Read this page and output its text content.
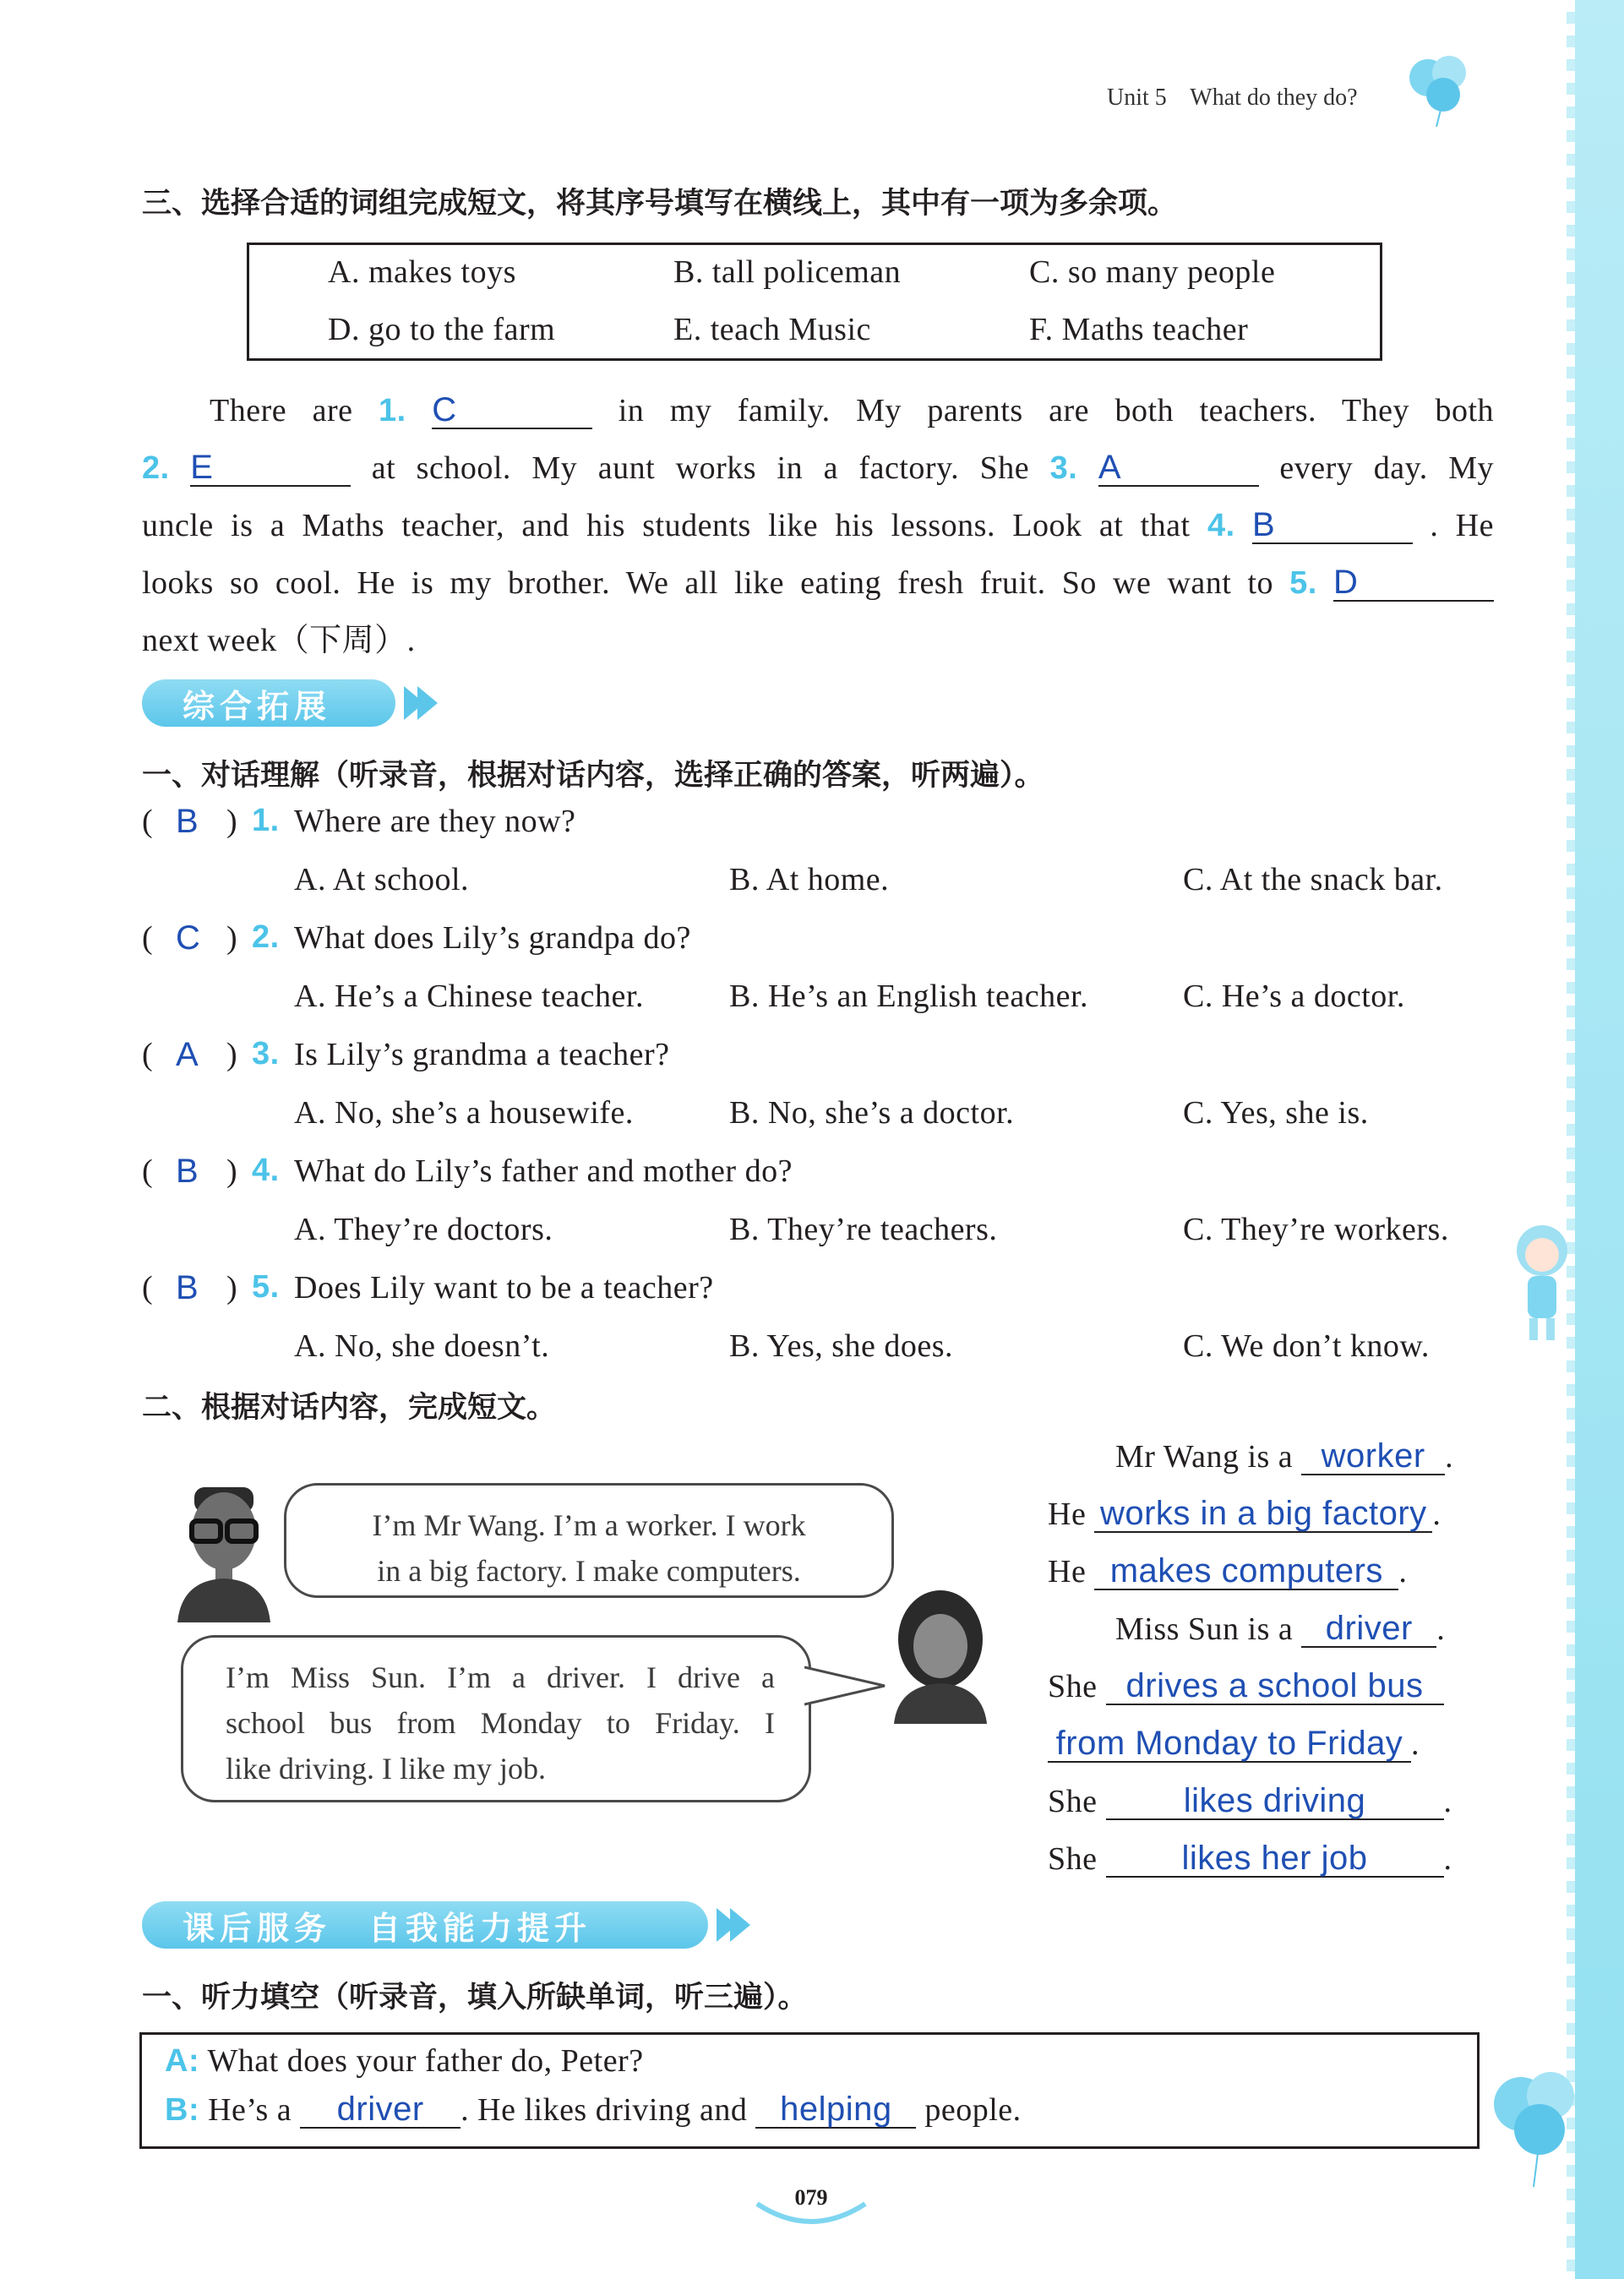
Unit 5 What do they do?
三、选择合适的词组完成短文，将其序号填写在横线上，其中有一项为多余项。
A. makes toys	B. tall policeman	C. so many people
D. go to the farm	E. teach Music	F. Maths teacher
There are 1. C	in my family. My parents are both teachers. They both
2. E	at school. My aunt works in a factory. She 3. A	every day. My
uncle is a Maths teacher, and his students like his lessons. Look at that 4. B	. He
looks so cool. He is my brother. We all like eating fresh fruit. So we want to 5. D
next week（下周）.
综合拓展
一、对话理解（听录音，根据对话内容，选择正确的答案，听两遍）。
( B ) 1. Where are they now?
A. At school.	B. At home.	C. At the snack bar.
( C ) 2. What does Lily’s grandpa do?
A. He’s a Chinese teacher.	B. He’s an English teacher.	C. He’s a doctor.
( A ) 3. Is Lily’s grandma a teacher?
A. No, she’s a housewife.	B. No, she’s a doctor.	C. Yes, she is.
( B ) 4. What do Lily’s father and mother do?
A. They’re doctors.	B. They’re teachers.	C. They’re workers.
( B ) 5. Does Lily want to be a teacher?
A. No, she doesn’t.	B. Yes, she does.	C. We don’t know.
二、根据对话内容，完成短文。
I’m Mr Wang. I’m a worker. I work
in a big factory. I make computers.
I’m Miss Sun. I’m a driver. I drive a
school bus from Monday to Friday. I
like driving. I like my job.
Mr Wang is a worker .
He works in a big factory .
He makes computers .
Miss Sun is a driver .
She drives a school bus
from Monday to Friday .
She	likes driving .
She	likes her job .
课后服务　自我能力提升
一、听力填空（听录音，填入所缺单词，听三遍）。
A: What does your father do, Peter?
B: He’s a driver . He likes driving and helping people.
079
